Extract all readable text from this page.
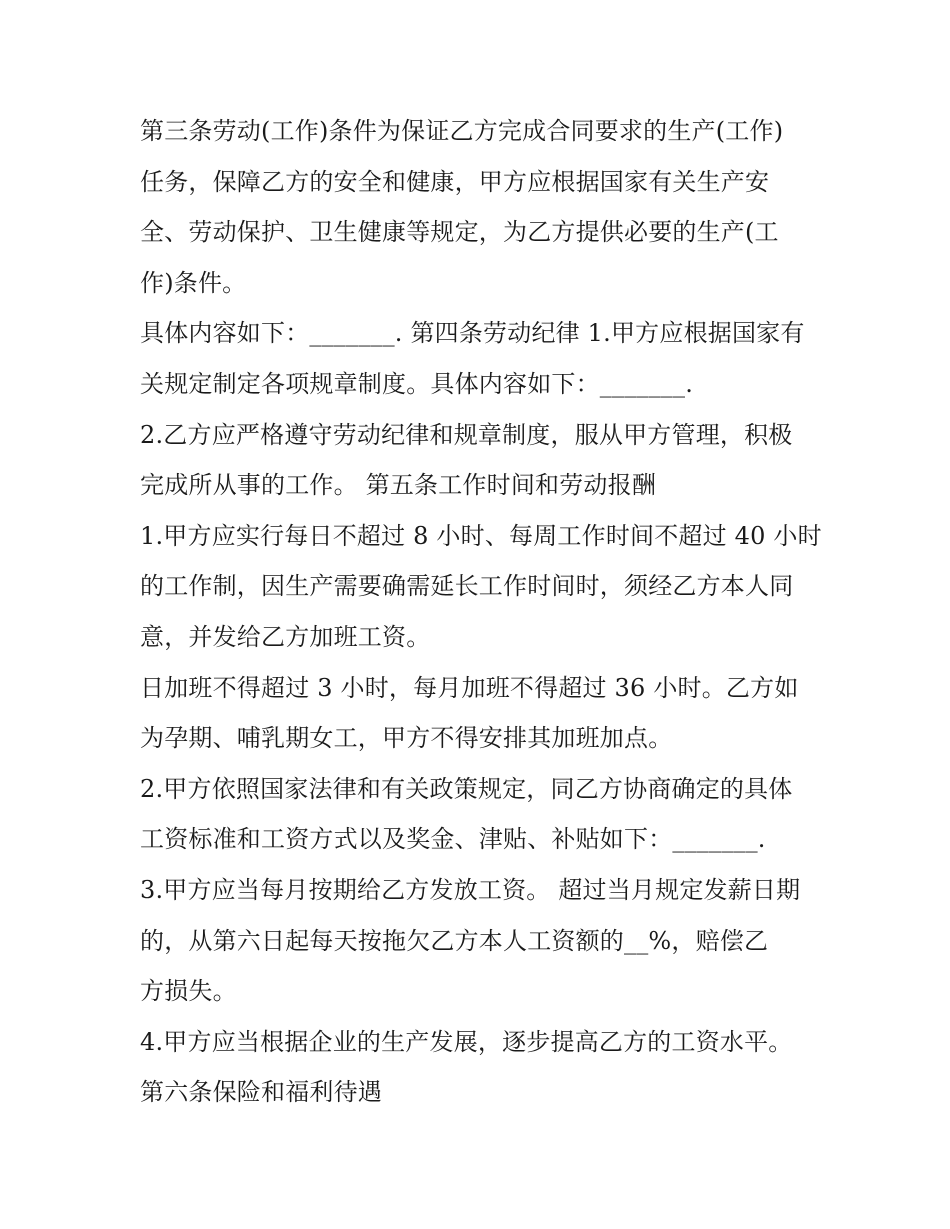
第三条劳动(工作)条件为保证乙方完成合同要求的生产(工作)
任务，保障乙方的安全和健康，甲方应根据国家有关生产安
全、劳动保护、卫生健康等规定，为乙方提供必要的生产(工
作)条件。
具体内容如下：_______. 第四条劳动纪律 1.甲方应根据国家有
关规定制定各项规章制度。具体内容如下：_______.
2.乙方应严格遵守劳动纪律和规章制度，服从甲方管理，积极
完成所从事的工作。 第五条工作时间和劳动报酬
1.甲方应实行每日不超过 8 小时、每周工作时间不超过 40 小时
的工作制，因生产需要确需延长工作时间时，须经乙方本人同
意，并发给乙方加班工资。
日加班不得超过 3 小时，每月加班不得超过 36 小时。乙方如
为孕期、哺乳期女工，甲方不得安排其加班加点。
2.甲方依照国家法律和有关政策规定，同乙方协商确定的具体
工资标准和工资方式以及奖金、津贴、补贴如下：_______.
3.甲方应当每月按期给乙方发放工资。 超过当月规定发薪日期
的，从第六日起每天按拖欠乙方本人工资额的__%，赔偿乙
方损失。
4.甲方应当根据企业的生产发展，逐步提高乙方的工资水平。
第六条保险和福利待遇
